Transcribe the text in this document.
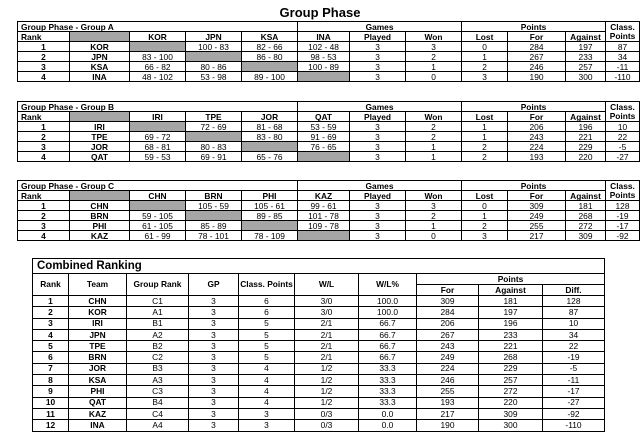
Group Phase
Group Phase - Group A					Games			Points			Class. Points	
Rank		KOR	JPN	KSA	INA	Played	Won	Lost	For	Against	
1	KOR		100 - 83	82 - 66	102 - 48	3	3	0	284	197	87	
2	JPN	83 - 100		86 - 80	98 - 53	3	2	1	267	233	34	
3	KSA	66 - 82	80 - 86		100 - 89	3	1	2	246	257	-11	
4	INA	48 - 102	53 - 98	89 - 100		3	0	3	190	300	-110	
Group Phase - Group B					Games			Points			Class. Points	
Rank		IRI	TPE	JOR	QAT	Played	Won	Lost	For	Against	
1	IRI		72 - 69	81 - 68	53 - 59	3	2	1	206	196	10	
2	TPE	69 - 72		83 - 80	91 - 69	3	2	1	243	221	22	
3	JOR	68 - 81	80 - 83		76 - 65	3	1	2	224	229	-5	
4	QAT	59 - 53	69 - 91	65 - 76		3	1	2	193	220	-27	
Group Phase - Group C					Games			Points			Class. Points	
Rank		CHN	BRN	PHI	KAZ	Played	Won	Lost	For	Against	
1	CHN		105 - 59	105 - 61	99 - 61	3	3	0	309	181	128	
2	BRN	59 - 105		89 - 85	101 - 78	3	2	1	249	268	-19	
3	PHI	61 - 105	85 - 89		109 - 78	3	1	2	255	272	-17	
4	KAZ	61 - 99	78 - 101	78 - 109		3	0	3	217	309	-92	
Combined Ranking									
Rank	Team	Group Rank	GP	Class. Points	W/L	W/L%	Points		
							For	Against	Diff.
1	CHN	C1	3	6	3/0	100.0	309	181	128
2	KOR	A1	3	6	3/0	100.0	284	197	87
3	IRI	B1	3	5	2/1	66.7	206	196	10
4	JPN	A2	3	5	2/1	66.7	267	233	34
5	TPE	B2	3	5	2/1	66.7	243	221	22
6	BRN	C2	3	5	2/1	66.7	249	268	-19
7	JOR	B3	3	4	1/2	33.3	224	229	-5
8	KSA	A3	3	4	1/2	33.3	246	257	-11
9	PHI	C3	3	4	1/2	33.3	255	272	-17
10	QAT	B4	3	4	1/2	33.3	193	220	-27
11	KAZ	C4	3	3	0/3	0.0	217	309	-92
12	INA	A4	3	3	0/3	0.0	190	300	-110
